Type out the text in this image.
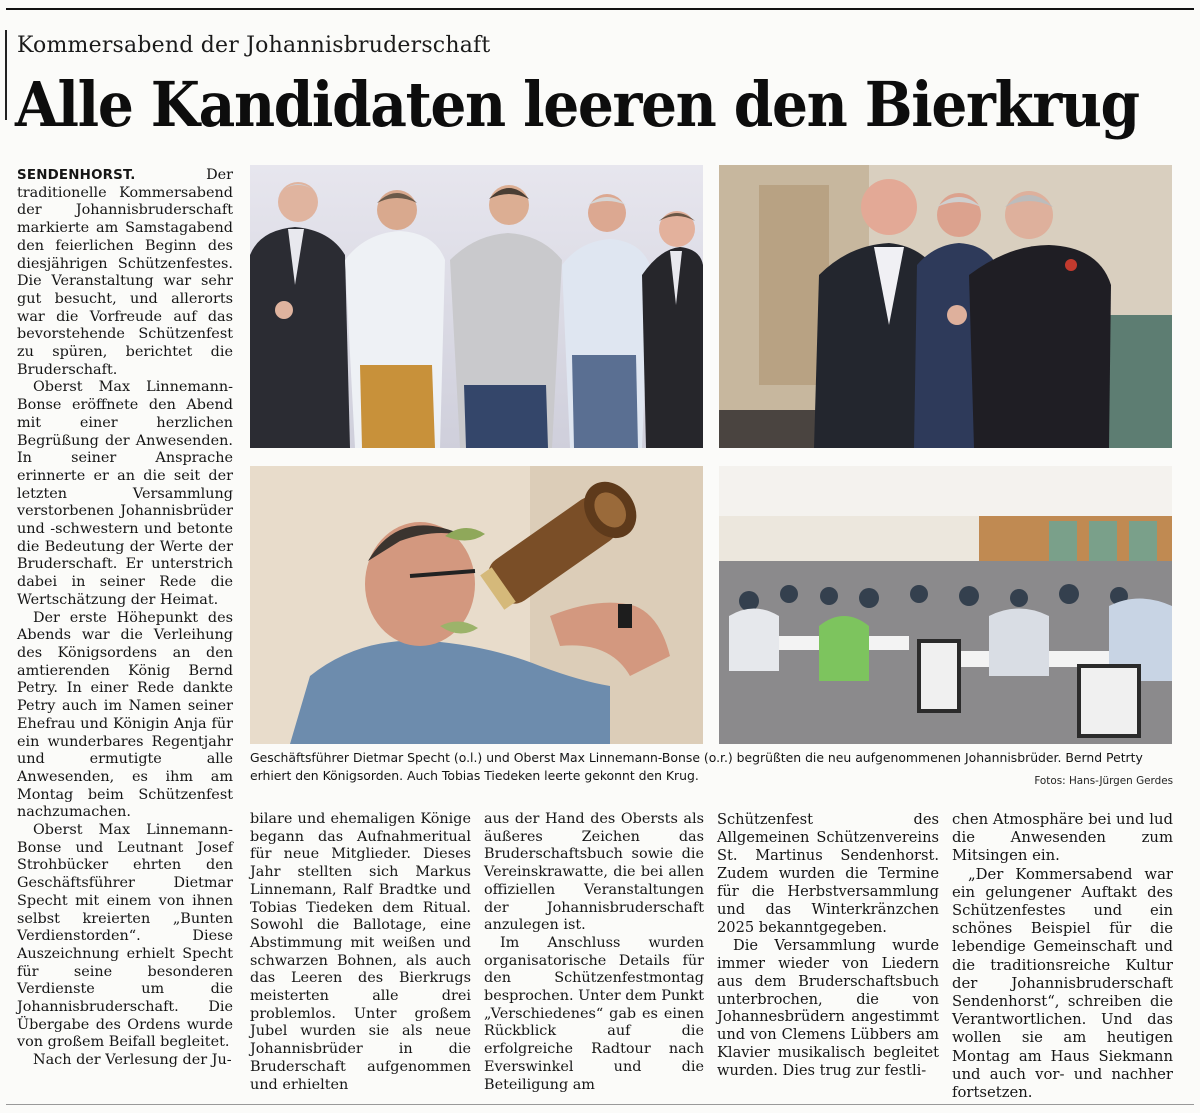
Kommersabend der Johannisbruderschaft
Alle Kandidaten leeren den Bierkrug

SENDENHORST.	Der traditionelle Kommersabend der Johannisbruderschaft markierte am Samstagabend den feierlichen Beginn des diesjährigen Schützenfestes. Die Veranstaltung war sehr gut besucht, und allerorts war die Vorfreude auf das bevorstehende Schützenfest zu spüren, berichtet die Bruderschaft.

Oberst Max Linnemann-Bonse eröffnete den Abend mit einer herzlichen Begrüßung der Anwesenden. In seiner Ansprache erinnerte er an die seit der letzten Versammlung verstorbenen Johannisbrüder und -schwestern und betonte die Bedeutung der Werte der Bruderschaft. Er unterstrich dabei in seiner Rede die Wertschätzung der Heimat.

Der erste Höhepunkt des Abends war die Verleihung des Königsordens an den amtierenden König Bernd Petry. In einer Rede dankte Petry auch im Namen seiner Ehefrau und Königin Anja für ein wunderbares Regentjahr und ermutigte alle Anwesenden, es ihm am Montag beim Schützenfest nachzumachen.

Oberst Max Linnemann-Bonse und Leutnant Josef Strohbücker ehrten den Geschäftsführer Dietmar Specht mit einem von ihnen selbst kreierten „Bunten Verdienstorden“. Diese Auszeichnung erhielt Specht für seine besonderen Verdienste um die Johannisbruderschaft. Die Übergabe des Ordens wurde von großem Beifall begleitet.

Nach der Verlesung der Ju-

Geschäftsführer Dietmar Specht (o.l.) und Oberst Max Linnemann-Bonse (o.r.) begrüßten die neu aufgenommenen Johannisbrüder. Bernd Petrty erhiert den Königsorden. Auch Tobias Tiedeken leerte gekonnt den Krug.	Fotos: Hans-Jürgen Gerdes

bilare und ehemaligen Könige begann das Aufnahmeritual für neue Mitglieder. Dieses Jahr stellten sich Markus Linnemann, Ralf Bradtke und Tobias Tiedeken dem Ritual. Sowohl die Ballotage, eine Abstimmung mit weißen und schwarzen Bohnen, als auch das Leeren des Bierkrugs meisterten alle drei problemlos. Unter großem Jubel wurden sie als neue Johannisbrüder in die Bruderschaft aufgenommen und erhielten

aus der Hand des Obersts als äußeres Zeichen das Bruderschaftsbuch sowie die Vereinskrawatte, die bei allen offiziellen Veranstaltungen der Johannisbruderschaft anzulegen ist.

Im Anschluss wurden organisatorische Details für den Schützenfestmontag besprochen. Unter dem Punkt „Verschiedenes“ gab es einen Rückblick auf die erfolgreiche Radtour nach Everswinkel und die Beteiligung am

Schützenfest des Allgemeinen Schützenvereins St. Martinus Sendenhorst. Zudem wurden die Termine für die Herbstversammlung und das Winterkränzchen 2025 bekanntgegeben.

Die Versammlung wurde immer wieder von Liedern aus dem Bruderschaftsbuch unterbrochen, die von Johannesbrüdern angestimmt und von Clemens Lübbers am Klavier musikalisch begleitet wurden. Dies trug zur festli-

chen Atmosphäre bei und lud die Anwesenden zum Mitsingen ein.

„Der Kommersabend war ein gelungener Auftakt des Schützenfestes und ein schönes Beispiel für die lebendige Gemeinschaft und die traditionsreiche Kultur der Johannisbruderschaft Sendenhorst“, schreiben die Verantwortlichen. Und das wollen sie am heutigen Montag am Haus Siekmann und auch vor- und nachher fortsetzen.
